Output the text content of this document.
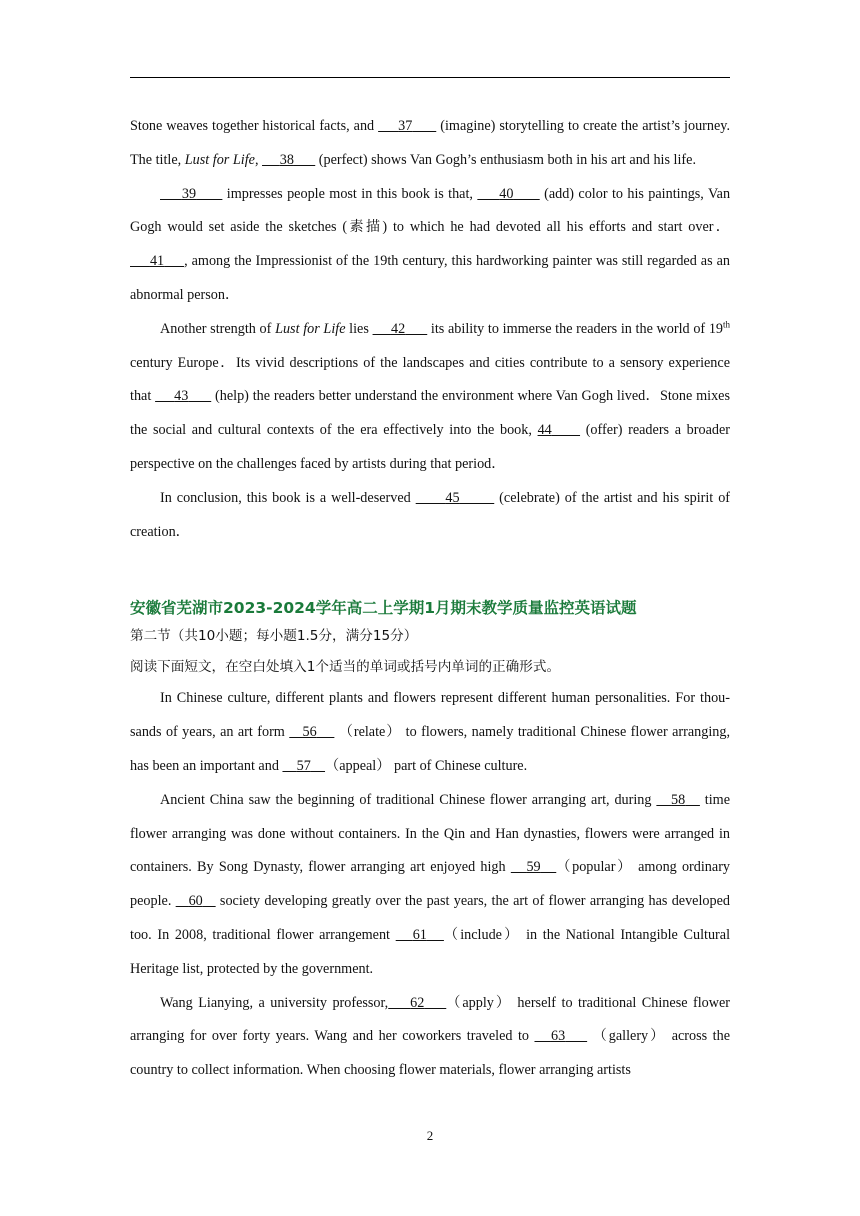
Stone weaves together historical facts, and      37       (imagine) storytelling to create the artist’s journey. The title, Lust for Life,      38       (perfect) shows Van Gogh’s enthusiasm both in his art and his life.

39       impresses people most in this book is that,      40       (add) color to his paintings, Van Gogh would set aside the sketches (素描) to which he had devoted all his efforts and start over．      41 , among the Impressionist of the 19th century, this hardworking painter was still regarded as an abnormal person．

Another strength of Lust for Life lies      42       its ability to immerse the readers in the world of 19th century Europe．Its vivid descriptions of the landscapes and cities contribute to a sensory experience that      43       (help) the readers better understand the environment where Van Gogh lived．Stone mixes the social and cultural contexts of the era effectively into the book, 44      (offer) readers a broader perspective on the challenges faced by artists during that period．

In conclusion, this book is a well-deserved       45        (celebrate) of the artist and his spirit of creation．

安徽省芜湖市2023-2024学年高二上学期1月期末教学质量监控英语试题

第二节（共10小题；每小题1.5分，满分15分）

阅读下面短文，在空白处填入1个适当的单词或括号内单词的正确形式。

In Chinese culture, different plants and flowers represent different human personalities. For thou-sands of years, an art form    56     （relate） to flowers, namely traditional Chinese flower arranging, has been an important and     57 （appeal） part of Chinese culture.

Ancient China saw the beginning of traditional Chinese flower arranging art, during    58    time flower arranging was done without containers. In the Qin and Han dynasties, flowers were arranged in containers. By Song Dynasty, flower arranging art enjoyed high    59 （popular） among ordinary people.    60    society developing greatly over the past years, the art of flower arranging has developed too. In 2008, traditional flower arrangement    61 （include） in the National Intangible Cultural Heritage list, protected by the government.

Wang Lianying, a university professor, 62 （apply） herself to traditional Chinese flower arranging for over forty years. Wang and her coworkers traveled to    63     （gallery） across the country to collect information. When choosing flower materials, flower arranging artists

2
